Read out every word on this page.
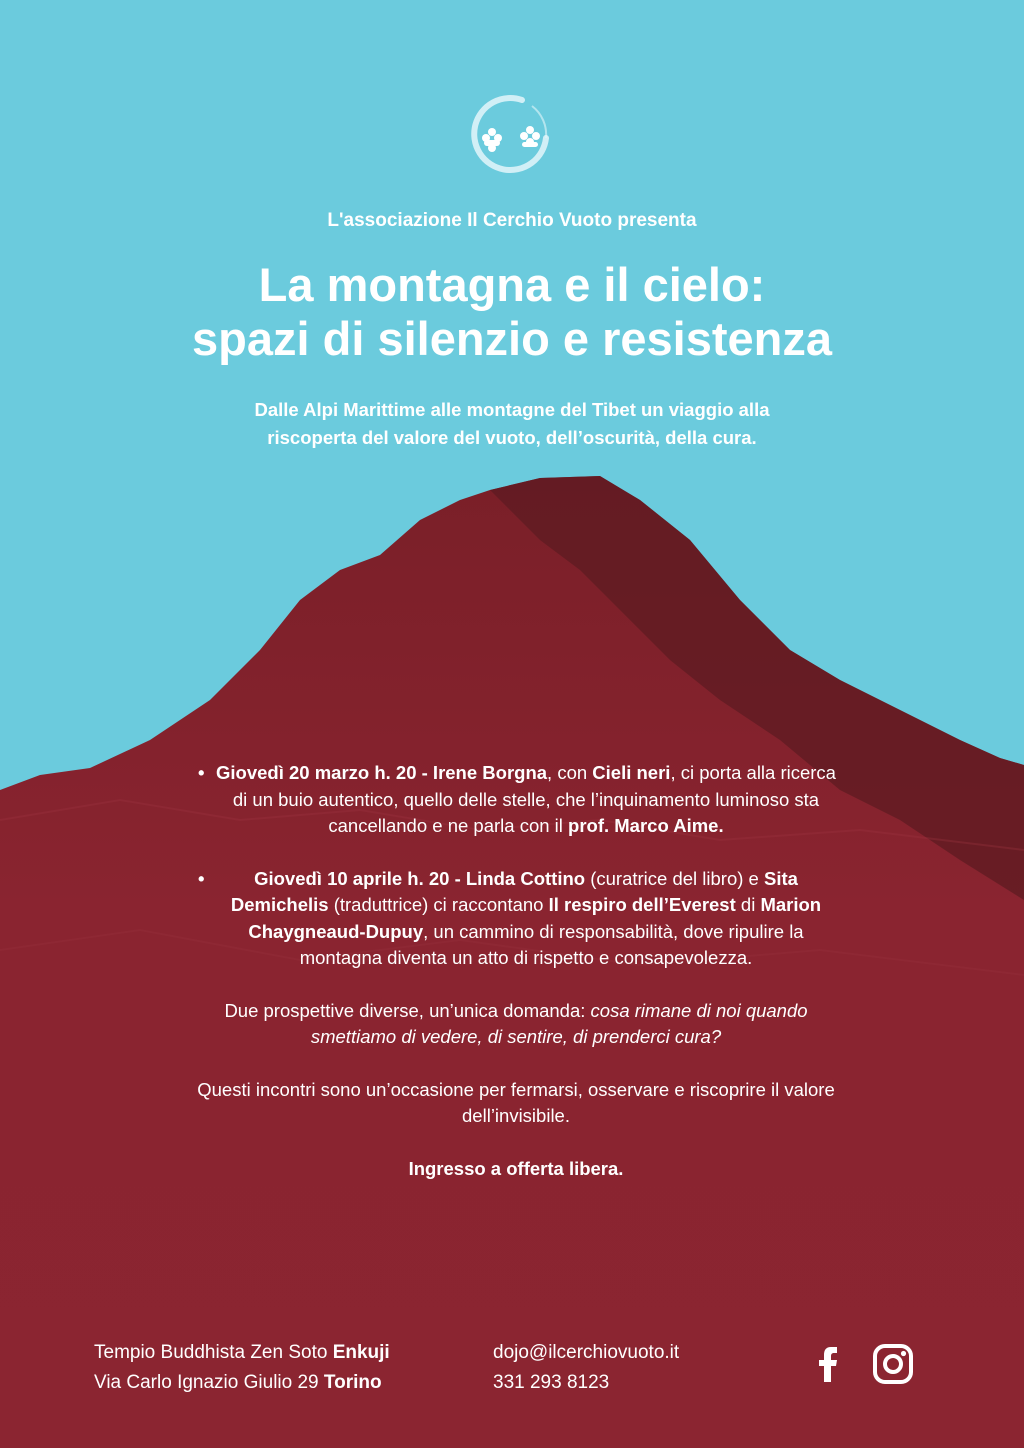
L'associazione Il Cerchio Vuoto presenta
La montagna e il cielo:
spazi di silenzio e resistenza
Dalle Alpi Marittime alle montagne del Tibet un viaggio alla
riscoperta del valore del vuoto, dell’oscurità, della cura.
• Giovedì 20 marzo h. 20 - Irene Borgna, con Cieli neri, ci porta alla ricerca di un buio autentico, quello delle stelle, che l’inquinamento luminoso sta cancellando e ne parla con il prof. Marco Aime.
•	Giovedì 10 aprile h. 20 - Linda Cottino (curatrice del libro) e Sita Demichelis (traduttrice) ci raccontano Il respiro dell’Everest di Marion Chaygneaud-Dupuy, un cammino di responsabilità, dove ripulire la montagna diventa un atto di rispetto e consapevolezza.
Due prospettive diverse, un’unica domanda: cosa rimane di noi quando smettiamo di vedere, di sentire, di prenderci cura?
Questi incontri sono un’occasione per fermarsi, osservare e riscoprire il valore dell’invisibile.
Ingresso a offerta libera.
Tempio Buddhista Zen Soto Enkuji
Via Carlo Ignazio Giulio 29 Torino
dojo@ilcerchiovuoto.it
331 293 8123
